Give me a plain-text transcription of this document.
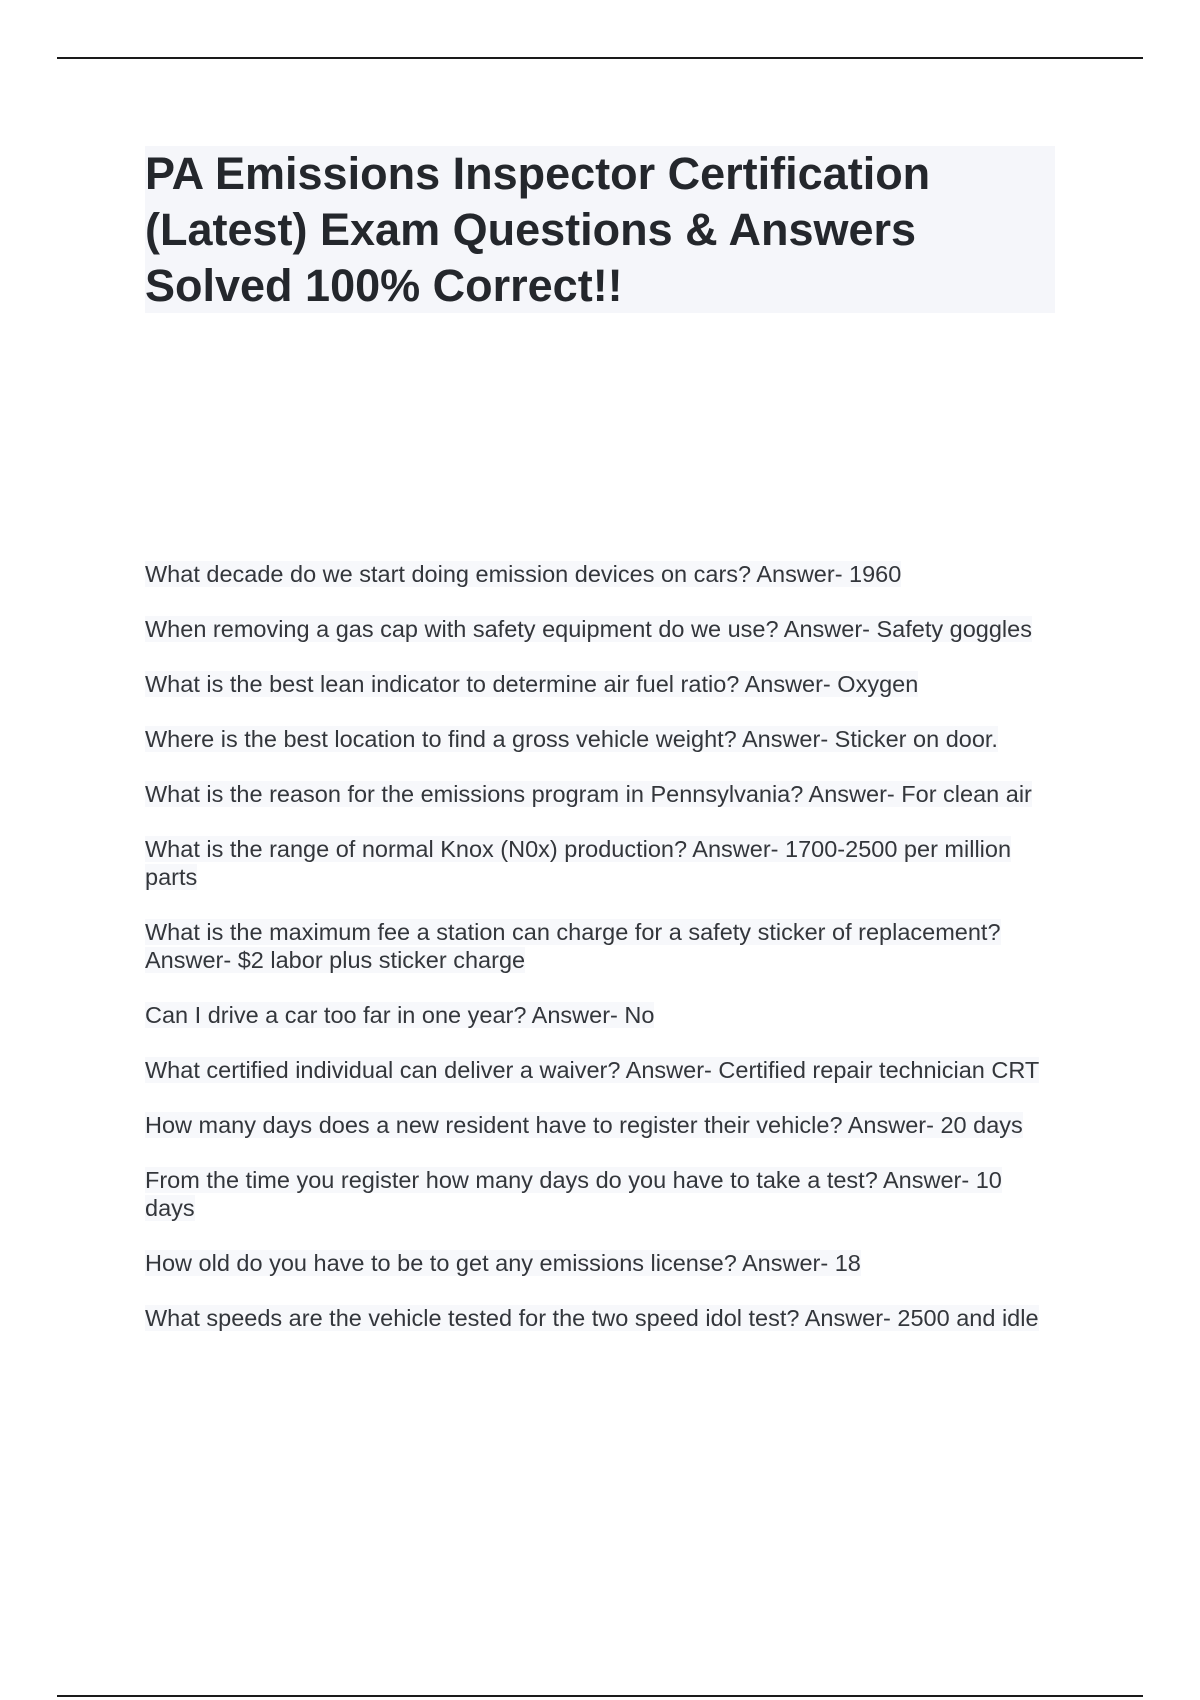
PA Emissions Inspector Certification (Latest) Exam Questions & Answers Solved 100% Correct!!
What decade do we start doing emission devices on cars? Answer- 1960
When removing a gas cap with safety equipment do we use? Answer- Safety goggles
What is the best lean indicator to determine air fuel ratio? Answer- Oxygen
Where is the best location to find a gross vehicle weight? Answer- Sticker on door.
What is the reason for the emissions program in Pennsylvania? Answer- For clean air
What is the range of normal Knox (N0x) production? Answer- 1700-2500 per million parts
What is the maximum fee a station can charge for a safety sticker of replacement? Answer- $2 labor plus sticker charge
Can I drive a car too far in one year? Answer- No
What certified individual can deliver a waiver? Answer- Certified repair technician CRT
How many days does a new resident have to register their vehicle? Answer- 20 days
From the time you register how many days do you have to take a test? Answer- 10 days
How old do you have to be to get any emissions license? Answer- 18
What speeds are the vehicle tested for the two speed idol test? Answer- 2500 and idle
